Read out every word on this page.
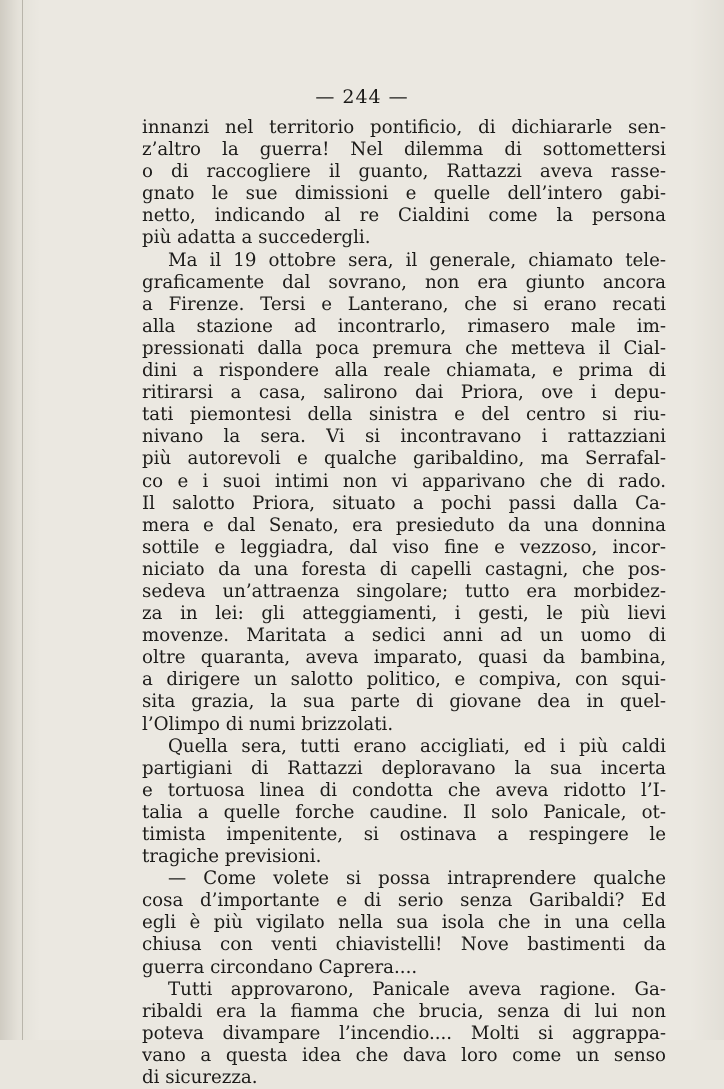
— 244 —
innanzi nel territorio pontificio, di dichiararle sen-
z’altro la guerra! Nel dilemma di sottomettersi
o di raccogliere il guanto, Rattazzi aveva rasse-
gnato le sue dimissioni e quelle dell’intero gabi-
netto, indicando al re Cialdini come la persona
più adatta a succedergli.
Ma il 19 ottobre sera, il generale, chiamato tele-
graficamente dal sovrano, non era giunto ancora
a Firenze. Tersi e Lanterano, che si erano recati
alla stazione ad incontrarlo, rimasero male im-
pressionati dalla poca premura che metteva il Cial-
dini a rispondere alla reale chiamata, e prima di
ritirarsi a casa, salirono dai Priora, ove i depu-
tati piemontesi della sinistra e del centro si riu-
nivano la sera. Vi si incontravano i rattazziani
più autorevoli e qualche garibaldino, ma Serrafal-
co e i suoi intimi non vi apparivano che di rado.
Il salotto Priora, situato a pochi passi dalla Ca-
mera e dal Senato, era presieduto da una donnina
sottile e leggiadra, dal viso fine e vezzoso, incor-
niciato da una foresta di capelli castagni, che pos-
sedeva un’attraenza singolare; tutto era morbidez-
za in lei: gli atteggiamenti, i gesti, le più lievi
movenze. Maritata a sedici anni ad un uomo di
oltre quaranta, aveva imparato, quasi da bambina,
a dirigere un salotto politico, e compiva, con squi-
sita grazia, la sua parte di giovane dea in quel-
l’Olimpo di numi brizzolati.
Quella sera, tutti erano accigliati, ed i più caldi
partigiani di Rattazzi deploravano la sua incerta
e tortuosa linea di condotta che aveva ridotto l’I-
talia a quelle forche caudine. Il solo Panicale, ot-
timista impenitente, si ostinava a respingere le
tragiche previsioni.
— Come volete si possa intraprendere qualche
cosa d’importante e di serio senza Garibaldi? Ed
egli è più vigilato nella sua isola che in una cella
chiusa con venti chiavistelli! Nove bastimenti da
guerra circondano Caprera....
Tutti approvarono, Panicale aveva ragione. Ga-
ribaldi era la fiamma che brucia, senza di lui non
poteva divampare l’incendio.... Molti si aggrappa-
vano a questa idea che dava loro come un senso
di sicurezza.
